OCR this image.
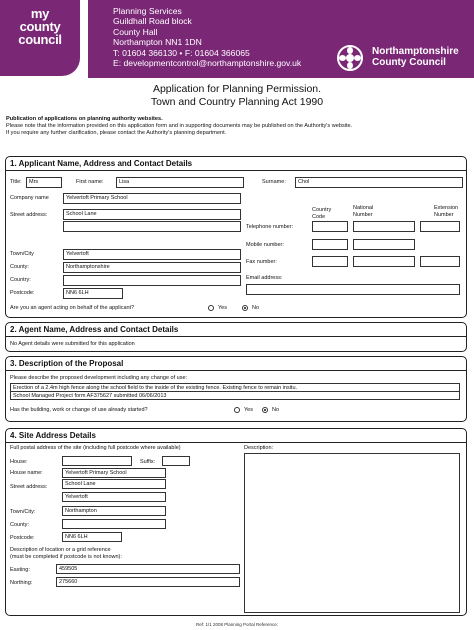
my
county
council
Planning Services
Guildhall Road block
County Hall
Northampton NN1 1DN
T: 01604 366130 • F: 01604 366065
E: developmentcontrol@northamptonshire.gov.uk
Northamptonshire
County Council
Application for Planning Permission.
Town and Country Planning Act 1990
Publication of applications on planning authority websites.
Please note that the information provided on this application form and in supporting documents may be published on the Authority's website.
If you require any further clarification, please contact the Authority's planning department.
1. Applicant Name, Address and Contact Details
Title:	Mrs	First name:	Lisa	Surname:	Chol
Company name	Yelvertoft Primary School
Street address:	School Lane
Town/City	Yelvertoft
County:	Northamptonshire
Country:
Postcode:	NN6 6LH
Country Code
National Number
Extension Number
Telephone number:
Mobile number:
Fax number:
Email address:
Are you an agent acting on behalf of the applicant?	Yes	No
2. Agent Name, Address and Contact Details
No Agent details were submitted for this application
3. Description of the Proposal
Please describe the proposed development including any change of use:
Erection of a 2.4m high fence along the school field to the inside of the existing fence. Existing fence to remain insitu.
School Managed Project form AF375627 submitted 06/06/2013
Has the building, work or change of use already started?	Yes	No
4. Site Address Details
Full postal address of the site (including full postcode where available)	Description:
House:	Suffix:
House name:	Yelvertoft Primary School
Street address:	School Lane
Yelvertoft
Town/City:	Northampton
County:
Postcode:	NN6 6LH
Description of location or a grid reference
(must be completed if postcode is not known):
Easting:	459505
Northing:	275660
Ref: 1/1 2008 Planning Portal Reference:
